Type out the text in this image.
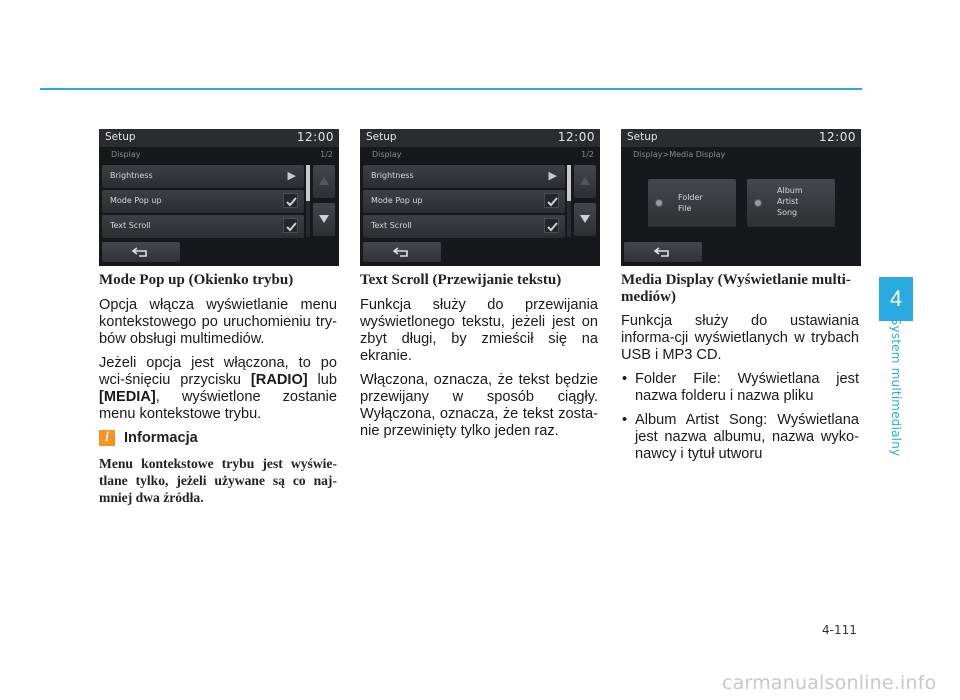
4
System multimedialny
Setup	12:00
Display	1/2
Brightness	▶
Mode Pop up
Text Scroll
Setup	12:00
Display	1/2
Brightness	▶
Mode Pop up
Text Scroll
Setup	12:00
Display>Media Display
Folder
File
Album
Artist
Song
Mode Pop up (Okienko trybu)

Opcja włącza wyświetlanie menu kontekstowego po uruchomieniu try-bów obsługi multimediów.

Jeżeli opcja jest włączona, to po wci-śnięciu przycisku [RADIO] lub [MEDIA], wyświetlone zostanie menu kontekstowe trybu.

i	Informacja

Menu kontekstowe trybu jest wyświe-tlane tylko, jeżeli używane są co naj-mniej dwa źródła.

Text Scroll (Przewijanie tekstu)

Funkcja służy do przewijania wyświetlonego tekstu, jeżeli jest on zbyt długi, by zmieścił się na ekranie.

Włączona, oznacza, że tekst będzie przewijany w sposób ciągły. Wyłączona, oznacza, że tekst zosta-nie przewinięty tylko jeden raz.

Media Display (Wyświetlanie multi-mediów)

Funkcja służy do ustawiania informa-cji wyświetlanych w trybach USB i MP3 CD.

• Folder File: Wyświetlana jest nazwa folderu i nazwa pliku

• Album Artist Song: Wyświetlana jest nazwa albumu, nazwa wyko-nawcy i tytuł utworu

4-111
carmanualsonline.info
